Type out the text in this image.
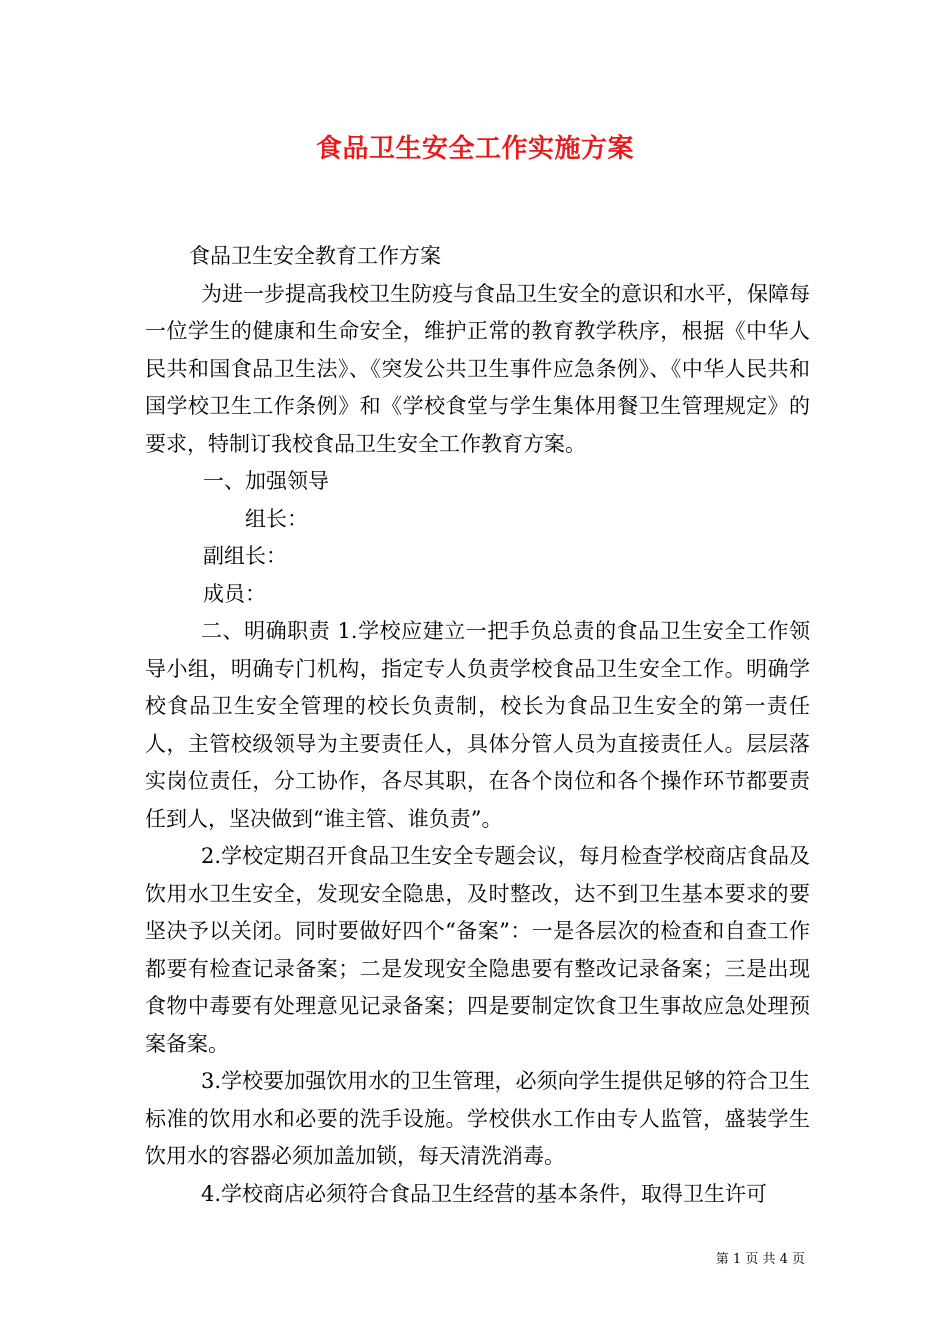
食品卫生安全工作实施方案

食品卫生安全教育工作方案

为进一步提高我校卫生防疫与食品卫生安全的意识和水平，保障每一位学生的健康和生命安全，维护正常的教育教学秩序，根据《中华人民共和国食品卫生法》、《突发公共卫生事件应急条例》、《中华人民共和国学校卫生工作条例》和《学校食堂与学生集体用餐卫生管理规定》的要求，特制订我校食品卫生安全工作教育方案。

一、加强领导

组长：

副组长：

成员：

二、明确职责 1.学校应建立一把手负总责的食品卫生安全工作领导小组，明确专门机构，指定专人负责学校食品卫生安全工作。明确学校食品卫生安全管理的校长负责制，校长为食品卫生安全的第一责任人，主管校级领导为主要责任人，具体分管人员为直接责任人。层层落实岗位责任，分工协作，各尽其职，在各个岗位和各个操作环节都要责任到人，坚决做到“谁主管、谁负责”。

2.学校定期召开食品卫生安全专题会议，每月检查学校商店食品及饮用水卫生安全，发现安全隐患，及时整改，达不到卫生基本要求的要坚决予以关闭。同时要做好四个“备案”：一是各层次的检查和自查工作都要有检查记录备案；二是发现安全隐患要有整改记录备案；三是出现食物中毒要有处理意见记录备案；四是要制定饮食卫生事故应急处理预案备案。

3.学校要加强饮用水的卫生管理，必须向学生提供足够的符合卫生标准的饮用水和必要的洗手设施。学校供水工作由专人监管，盛装学生饮用水的容器必须加盖加锁，每天清洗消毒。

4.学校商店必须符合食品卫生经营的基本条件，取得卫生许可

第 1 页 共 4 页
